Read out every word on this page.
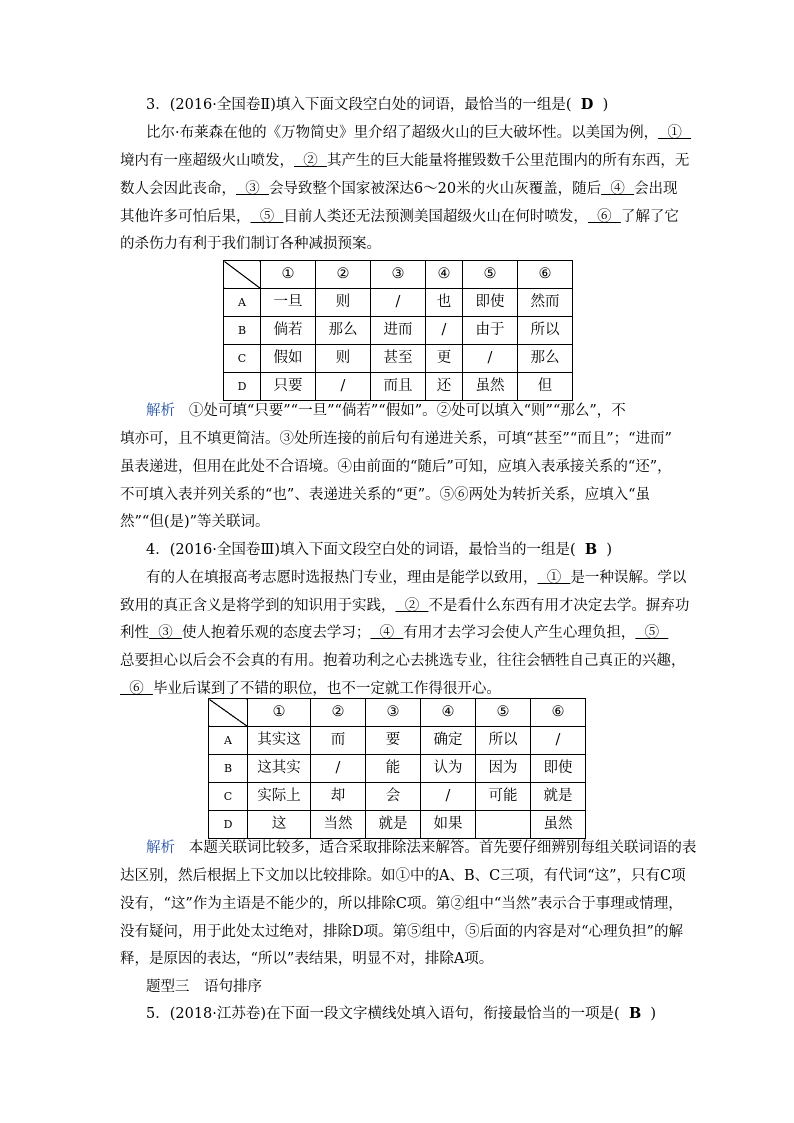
3．(2016·全国卷Ⅱ)填入下面文段空白处的词语，最恰当的一组是( D )
比尔·布莱森在他的《万物简史》里介绍了超级火山的巨大破坏性。以美国为例，  ①
境内有一座超级火山喷发，  ②  其产生的巨大能量将摧毁数千公里范围内的所有东西，无
数人会因此丧命，  ③  会导致整个国家被深达6～20米的火山灰覆盖，随后  ④  会出现
其他许多可怕后果，  ⑤  目前人类还无法预测美国超级火山在何时喷发，  ⑥  了解了它
的杀伤力有利于我们制订各种减损预案。
	①	②	③	④	⑤	⑥
A	一旦	则	/	也	即使	然而
B	倘若	那么	进而	/	由于	所以
C	假如	则	甚至	更	/	那么
D	只要	/	而且	还	虽然	但
解析 ①处可填“只要”“一旦”“倘若”“假如”。②处可以填入“则”“那么”，不
填亦可，且不填更简洁。③处所连接的前后句有递进关系，可填“甚至”“而且”；“进而”
虽表递进，但用在此处不合语境。④由前面的“随后”可知，应填入表承接关系的“还”，
不可填入表并列关系的“也”、表递进关系的“更”。⑤⑥两处为转折关系，应填入“虽
然”“但(是)”等关联词。
4．(2016·全国卷Ⅲ)填入下面文段空白处的词语，最恰当的一组是( B )
有的人在填报高考志愿时选报热门专业，理由是能学以致用，  ①  是一种误解。学以
致用的真正含义是将学到的知识用于实践，  ②  不是看什么东西有用才决定去学。摒弃功
利性  ③  使人抱着乐观的态度去学习；  ④  有用才去学习会使人产生心理负担，  ⑤
总要担心以后会不会真的有用。抱着功利之心去挑选专业，往往会牺牲自己真正的兴趣，
⑥  毕业后谋到了不错的职位，也不一定就工作得很开心。
	①	②	③	④	⑤	⑥
A	其实这	而	要	确定	所以	/
B	这其实	/	能	认为	因为	即使
C	实际上	却	会	/	可能	就是
D	这	当然	就是	如果		虽然
解析 本题关联词比较多，适合采取排除法来解答。首先要仔细辨别每组关联词语的表
达区别，然后根据上下文加以比较排除。如①中的A、B、C三项，有代词“这”，只有C项
没有，“这”作为主语是不能少的，所以排除C项。第②组中“当然”表示合于事理或情理，
没有疑问，用于此处太过绝对，排除D项。第⑤组中，⑤后面的内容是对“心理负担”的解
释，是原因的表达，“所以”表结果，明显不对，排除A项。
题型三　语句排序
5．(2018·江苏卷)在下面一段文字横线处填入语句，衔接最恰当的一项是( B )
